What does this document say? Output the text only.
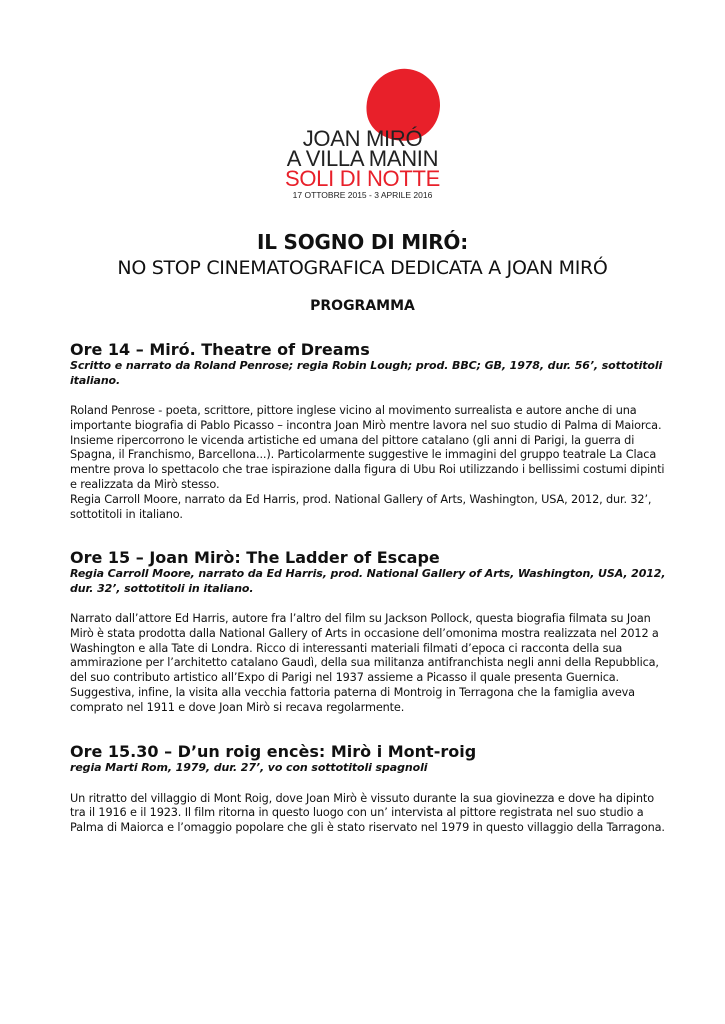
JOAN MIRÓ
A VILLA MANIN
SOLI DI NOTTE
17 OTTOBRE 2015 - 3 APRILE 2016
IL SOGNO DI MIRÓ:
NO STOP CINEMATOGRAFICA DEDICATA A JOAN MIRÓ
PROGRAMMA
Ore 14 – Miró. Theatre of Dreams
Scritto e narrato da Roland Penrose; regia Robin Lough; prod. BBC; GB, 1978, dur. 56’, sottotitoli italiano.

Roland Penrose - poeta, scrittore, pittore inglese vicino al movimento surrealista e autore anche di una importante biografia di Pablo Picasso – incontra Joan Mirò mentre lavora nel suo studio di Palma di Maiorca. Insieme ripercorrono le vicenda artistiche ed umana del pittore catalano (gli anni di Parigi, la guerra di Spagna, il Franchismo, Barcellona...). Particolarmente suggestive le immagini del gruppo teatrale La Claca mentre prova lo spettacolo che trae ispirazione dalla figura di Ubu Roi utilizzando i bellissimi costumi dipinti e realizzata da Mirò stesso.

Regia Carroll Moore, narrato da Ed Harris, prod. National Gallery of Arts, Washington, USA, 2012, dur. 32’, sottotitoli in italiano.

Ore 15 – Joan Mirò: The Ladder of Escape
Regia Carroll Moore, narrato da Ed Harris, prod. National Gallery of Arts, Washington, USA, 2012, dur. 32’, sottotitoli in italiano.

Narrato dall’attore Ed Harris, autore fra l’altro del film su Jackson Pollock, questa biografia filmata su Joan Mirò è stata prodotta dalla National Gallery of Arts in occasione dell’omonima mostra realizzata nel 2012 a Washington e alla Tate di Londra. Ricco di interessanti materiali filmati d’epoca ci racconta della sua ammirazione per l’architetto catalano Gaudì, della sua militanza antifranchista negli anni della Repubblica, del suo contributo artistico all’Expo di Parigi nel 1937 assieme a Picasso il quale presenta Guernica. Suggestiva, infine, la visita alla vecchia fattoria paterna di Montroig in Terragona che la famiglia aveva comprato nel 1911 e dove Joan Mirò si recava regolarmente.

Ore 15.30 – D’un roig encès: Mirò i Mont-roig
regia Marti Rom, 1979, dur. 27’, vo con sottotitoli spagnoli

Un ritratto del villaggio di Mont Roig, dove Joan Mirò è vissuto durante la sua giovinezza e dove ha dipinto tra il 1916 e il 1923. Il film ritorna in questo luogo con un’ intervista al pittore registrata nel suo studio a Palma di Maiorca e l’omaggio popolare che gli è stato riservato nel 1979 in questo villaggio della Tarragona.
